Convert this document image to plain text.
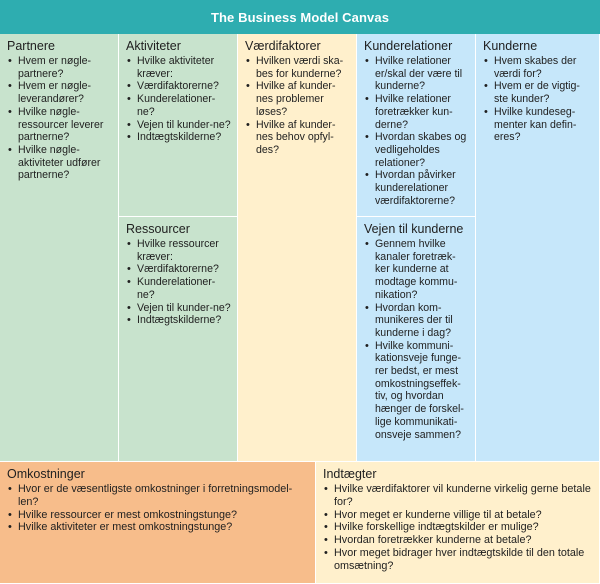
The Business Model Canvas
Partnere
• Hvem er nøgle-partnere?
• Hvem er nøgle-leverandører?
• Hvilke nøgle-ressourcer leverer partnerne?
• Hvilke nøgle-aktiviteter udfører partnerne?
Aktiviteter
• Hvilke aktiviteter kræver:
• Værdifaktorerne?
• Kunderelationer-ne?
• Vejen til kunder-ne?
• Indtægtskilderne?
Ressourcer
• Hvilke ressourcer kræver:
• Værdifaktorerne?
• Kunderelationer-ne?
• Vejen til kunder-ne?
• Indtægtskilderne?
Værdifaktorer
• Hvilken værdi ska-bes for kunderne?
• Hvilke af kunder-nes problemer løses?
• Hvilke af kunder-nes behov opfyl-des?
Kunderelationer
• Hvilke relationer er/skal der være til kunderne?
• Hvilke relationer foretrækker kun-derne?
• Hvordan skabes og vedligeholdes relationer?
• Hvordan påvirker kunderelationer værdifaktorerne?
Vejen til kunderne
• Gennem hvilke kanaler foretræk-ker kunderne at modtage kommu-nikation?
• Hvordan kom-munikeres der til kunderne i dag?
• Hvilke kommuni-kationsveje funge-rer bedst, er mest omkostningseffek-tiv, og hvordan hænger de forskel-lige kommunikati-onsveje sammen?
Kunderne
• Hvem skabes der værdi for?
• Hvem er de vigtig-ste kunder?
• Hvilke kundeseg-menter kan defin-eres?
Omkostninger
• Hvor er de væsentligste omkostninger i forretningsmodel-len?
• Hvilke ressourcer er mest omkostningstunge?
• Hvilke aktiviteter er mest omkostningstunge?
Indtægter
• Hvilke værdifaktorer vil kunderne virkelig gerne betale for?
• Hvor meget er kunderne villige til at betale?
• Hvilke forskellige indtægtskilder er mulige?
• Hvordan foretrækker kunderne at betale?
• Hvor meget bidrager hver indtægtskilde til den totale omsætning?
